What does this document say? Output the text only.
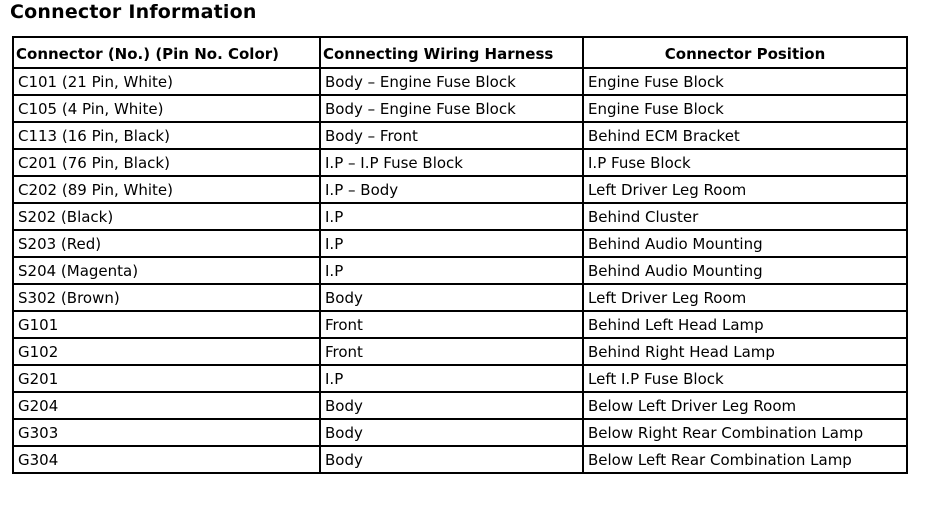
Connector Information
Connector (No.) (Pin No. Color)	Connecting Wiring Harness	Connector Position
C101 (21 Pin, White)	Body – Engine Fuse Block	Engine Fuse Block
C105 (4 Pin, White)	Body – Engine Fuse Block	Engine Fuse Block
C113 (16 Pin, Black)	Body – Front	Behind ECM Bracket
C201 (76 Pin, Black)	I.P – I.P Fuse Block	I.P Fuse Block
C202 (89 Pin, White)	I.P – Body	Left Driver Leg Room
S202 (Black)	I.P	Behind Cluster
S203 (Red)	I.P	Behind Audio Mounting
S204 (Magenta)	I.P	Behind Audio Mounting
S302 (Brown)	Body	Left Driver Leg Room
G101	Front	Behind Left Head Lamp
G102	Front	Behind Right Head Lamp
G201	I.P	Left I.P Fuse Block
G204	Body	Below Left Driver Leg Room
G303	Body	Below Right Rear Combination Lamp
G304	Body	Below Left Rear Combination Lamp
